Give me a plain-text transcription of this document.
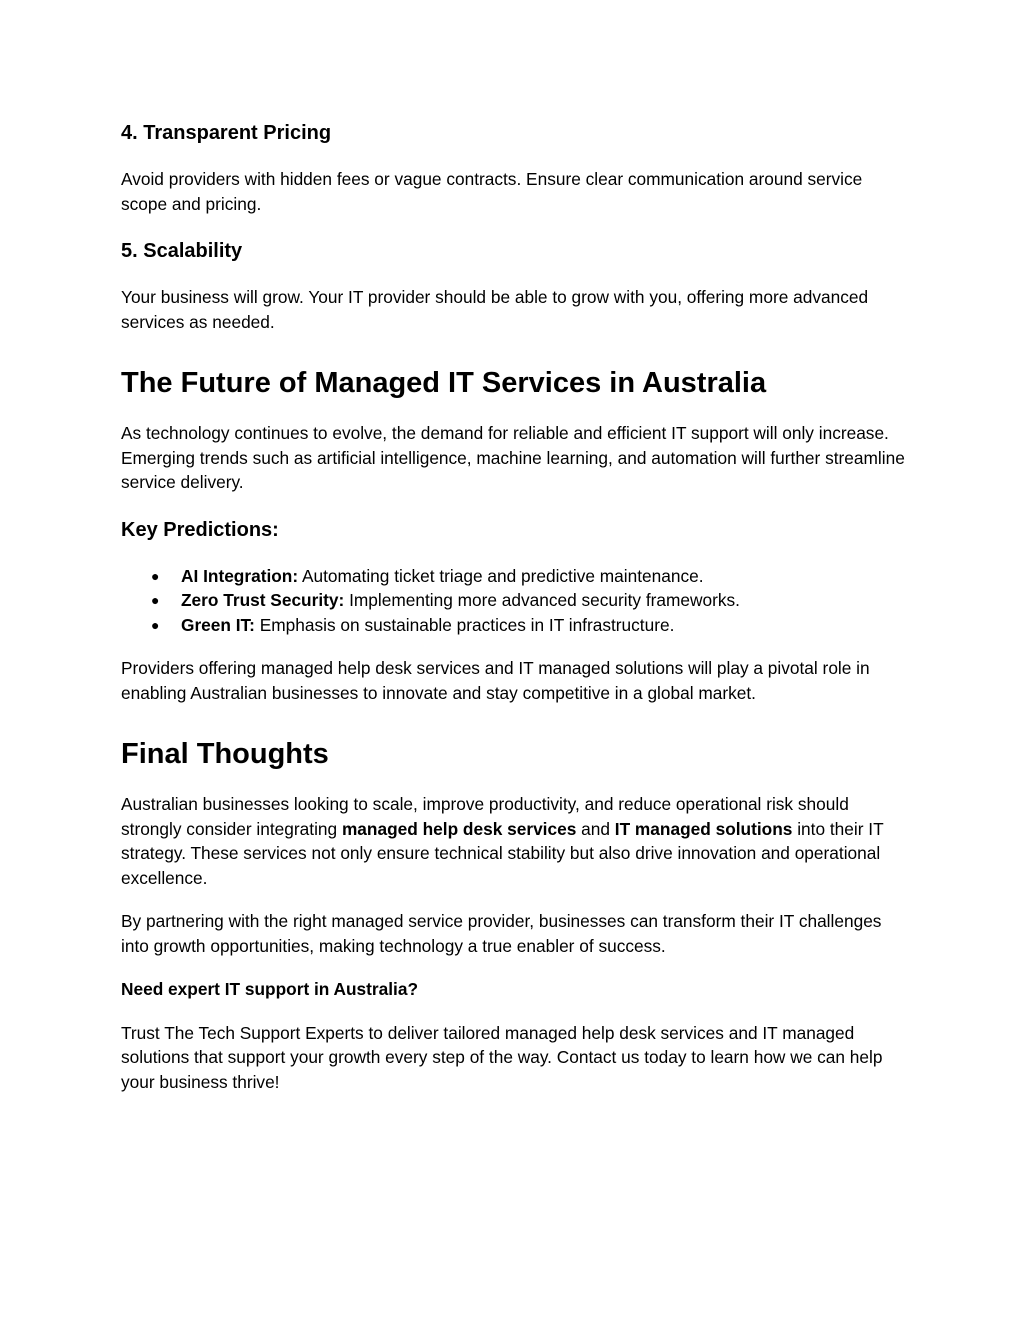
4. Transparent Pricing

Avoid providers with hidden fees or vague contracts. Ensure clear communication around service scope and pricing.

5. Scalability

Your business will grow. Your IT provider should be able to grow with you, offering more advanced services as needed.

The Future of Managed IT Services in Australia

As technology continues to evolve, the demand for reliable and efficient IT support will only increase. Emerging trends such as artificial intelligence, machine learning, and automation will further streamline service delivery.

Key Predictions:
● AI Integration: Automating ticket triage and predictive maintenance.
● Zero Trust Security: Implementing more advanced security frameworks.
● Green IT: Emphasis on sustainable practices in IT infrastructure.

Providers offering managed help desk services and IT managed solutions will play a pivotal role in enabling Australian businesses to innovate and stay competitive in a global market.

Final Thoughts

Australian businesses looking to scale, improve productivity, and reduce operational risk should strongly consider integrating managed help desk services and IT managed solutions into their IT strategy. These services not only ensure technical stability but also drive innovation and operational excellence.

By partnering with the right managed service provider, businesses can transform their IT challenges into growth opportunities, making technology a true enabler of success.

Need expert IT support in Australia?

Trust The Tech Support Experts to deliver tailored managed help desk services and IT managed solutions that support your growth every step of the way. Contact us today to learn how we can help your business thrive!
